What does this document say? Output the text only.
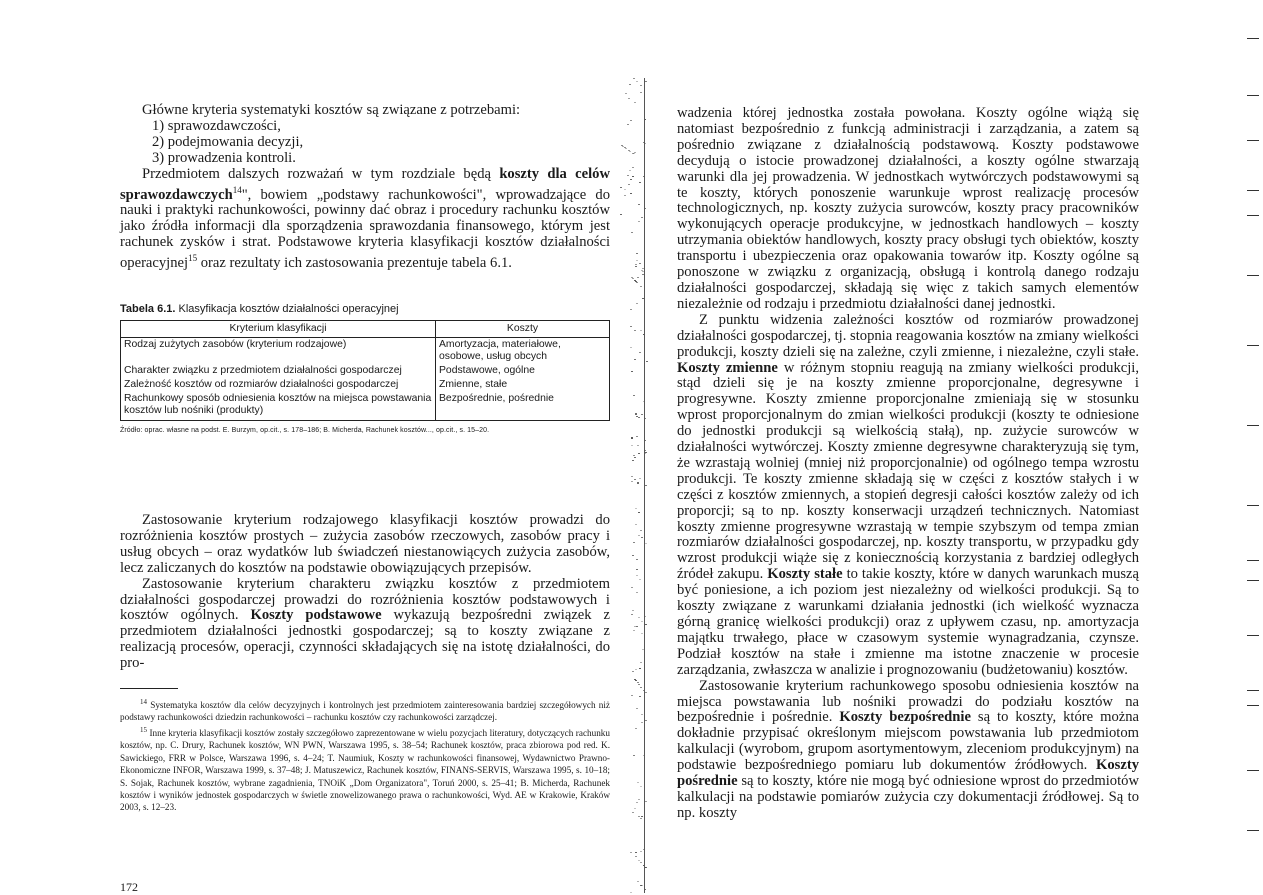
Główne kryteria systematyki kosztów są związane z potrzebami:

1) sprawozdawczości,

2) podejmowania decyzji,

3) prowadzenia kontroli.

Przedmiotem dalszych rozważań w tym rozdziale będą koszty dla celów sprawozdawczych$^{14}$", bowiem „podstawy rachunkowości", wprowadzające do nauki i praktyki rachunkowości, powinny dać obraz i procedury rachunku kosztów jako źródła informacji dla sporządzenia sprawozdania finansowego, którym jest rachunek zysków i strat. Podstawowe kryteria klasyfikacji kosztów działalności operacyjnej$^{15}$ oraz rezultaty ich zastosowania prezentuje tabela 6.1.

Tabela 6.1. Klasyfikacja kosztów działalności operacyjnej
Kryterium klasyfikacji	Koszty
Rodzaj zużytych zasobów (kryterium rodzajowe)	Amortyzacja, materiałowe, osobowe, usług obcych
Charakter związku z przedmiotem działalności gospodarczej	Podstawowe, ogólne
Zależność kosztów od rozmiarów działalności gospodarczej	Zmienne, stałe
Rachunkowy sposób odniesienia kosztów na miejsca powstawania kosztów lub nośniki (produkty)	Bezpośrednie, pośrednie
Źródło: oprac. własne na podst. E. Burzym, op.cit., s. 178–186; B. Micherda, Rachunek kosztów..., op.cit., s. 15–20.

Zastosowanie kryterium rodzajowego klasyfikacji kosztów prowadzi do rozróżnienia kosztów prostych – zużycia zasobów rzeczowych, zasobów pracy i usług obcych – oraz wydatków lub świadczeń niestanowiących zużycia zasobów, lecz zaliczanych do kosztów na podstawie obowiązujących przepisów.

Zastosowanie kryterium charakteru związku kosztów z przedmiotem działalności gospodarczej prowadzi do rozróżnienia kosztów podstawowych i kosztów ogólnych. Koszty podstawowe wykazują bezpośredni związek z przedmiotem działalności jednostki gospodarczej; są to koszty związane z realizacją procesów, operacji, czynności składających się na istotę działalności, do pro-

$^{14}$ Systematyka kosztów dla celów decyzyjnych i kontrolnych jest przedmiotem zainteresowania bardziej szczegółowych niż podstawy rachunkowości dziedzin rachunkowości – rachunku kosztów czy rachunkowości zarządczej.

$^{15}$ Inne kryteria klasyfikacji kosztów zostały szczegółowo zaprezentowane w wielu pozycjach literatury, dotyczących rachunku kosztów, np. C. Drury, Rachunek kosztów, WN PWN, Warszawa 1995, s. 38–54; Rachunek kosztów, praca zbiorowa pod red. K. Sawickiego, FRR w Polsce, Warszawa 1996, s. 4–24; T. Naumiuk, Koszty w rachunkowości finansowej, Wydawnictwo Prawno-Ekonomiczne INFOR, Warszawa 1999, s. 37–48; J. Matuszewicz, Rachunek kosztów, FINANS-SERVIS, Warszawa 1995, s. 10–18; S. Sojak, Rachunek kosztów, wybrane zagadnienia, TNOiK „Dom Organizatora", Toruń 2000, s. 25–41; B. Micherda, Rachunek kosztów i wyników jednostek gospodarczych w świetle znowelizowanego prawa o rachunkowości, Wyd. AE w Krakowie, Kraków 2003, s. 12–23.

172

wadzenia której jednostka została powołana. Koszty ogólne wiążą się natomiast bezpośrednio z funkcją administracji i zarządzania, a zatem są pośrednio związane z działalnością podstawową. Koszty podstawowe decydują o istocie prowadzonej działalności, a koszty ogólne stwarzają warunki dla jej prowadzenia. W jednostkach wytwórczych podstawowymi są te koszty, których ponoszenie warunkuje wprost realizację procesów technologicznych, np. koszty zużycia surowców, koszty pracy pracowników wykonujących operacje produkcyjne, w jednostkach handlowych – koszty utrzymania obiektów handlowych, koszty pracy obsługi tych obiektów, koszty transportu i ubezpieczenia oraz opakowania towarów itp. Koszty ogólne są ponoszone w związku z organizacją, obsługą i kontrolą danego rodzaju działalności gospodarczej, składają się więc z takich samych elementów niezależnie od rodzaju i przedmiotu działalności danej jednostki.

Z punktu widzenia zależności kosztów od rozmiarów prowadzonej działalności gospodarczej, tj. stopnia reagowania kosztów na zmiany wielkości produkcji, koszty dzieli się na zależne, czyli zmienne, i niezależne, czyli stałe. Koszty zmienne w różnym stopniu reagują na zmiany wielkości produkcji, stąd dzieli się je na koszty zmienne proporcjonalne, degresywne i progresywne. Koszty zmienne proporcjonalne zmieniają się w stosunku wprost proporcjonalnym do zmian wielkości produkcji (koszty te odniesione do jednostki produkcji są wielkością stałą), np. zużycie surowców w działalności wytwórczej. Koszty zmienne degresywne charakteryzują się tym, że wzrastają wolniej (mniej niż proporcjonalnie) od ogólnego tempa wzrostu produkcji. Te koszty zmienne składają się w części z kosztów stałych i w części z kosztów zmiennych, a stopień degresji całości kosztów zależy od ich proporcji; są to np. koszty konserwacji urządzeń technicznych. Natomiast koszty zmienne progresywne wzrastają w tempie szybszym od tempa zmian rozmiarów działalności gospodarczej, np. koszty transportu, w przypadku gdy wzrost produkcji wiąże się z koniecznością korzystania z bardziej odległych źródeł zakupu. Koszty stałe to takie koszty, które w danych warunkach muszą być poniesione, a ich poziom jest niezależny od wielkości produkcji. Są to koszty związane z warunkami działania jednostki (ich wielkość wyznacza górną granicę wielkości produkcji) oraz z upływem czasu, np. amortyzacja majątku trwałego, płace w czasowym systemie wynagradzania, czynsze. Podział kosztów na stałe i zmienne ma istotne znaczenie w procesie zarządzania, zwłaszcza w analizie i prognozowaniu (budżetowaniu) kosztów.

Zastosowanie kryterium rachunkowego sposobu odniesienia kosztów na miejsca powstawania lub nośniki prowadzi do podziału kosztów na bezpośrednie i pośrednie. Koszty bezpośrednie są to koszty, które można dokładnie przypisać określonym miejscom powstawania lub przedmiotom kalkulacji (wyrobom, grupom asortymentowym, zleceniom produkcyjnym) na podstawie bezpośredniego pomiaru lub dokumentów źródłowych. Koszty pośrednie są to koszty, które nie mogą być odniesione wprost do przedmiotów kalkulacji na podstawie pomiarów zużycia czy dokumentacji źródłowej. Są to np. koszty
